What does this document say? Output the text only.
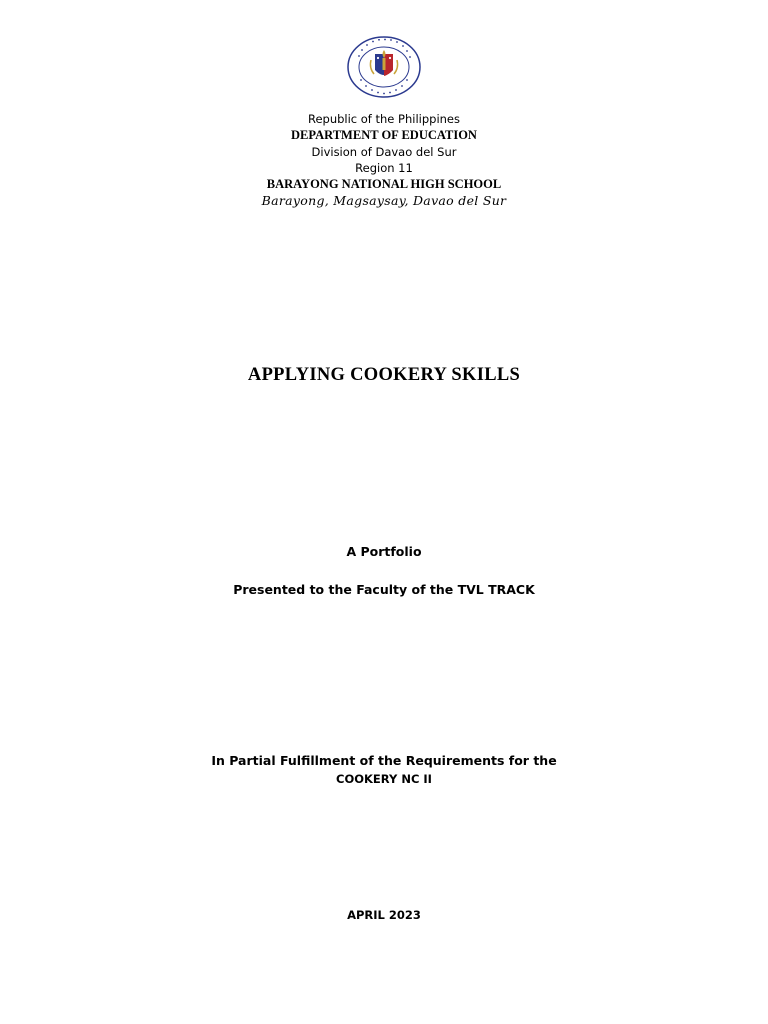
Republic of the Philippines
DEPARTMENT OF EDUCATION
Division of Davao del Sur
Region 11
BARAYONG NATIONAL HIGH SCHOOL
Barayong, Magsaysay, Davao del Sur
APPLYING COOKERY SKILLS
A Portfolio
Presented to the Faculty of the TVL TRACK
In Partial Fulfillment of the Requirements for the
COOKERY NC II
APRIL 2023
